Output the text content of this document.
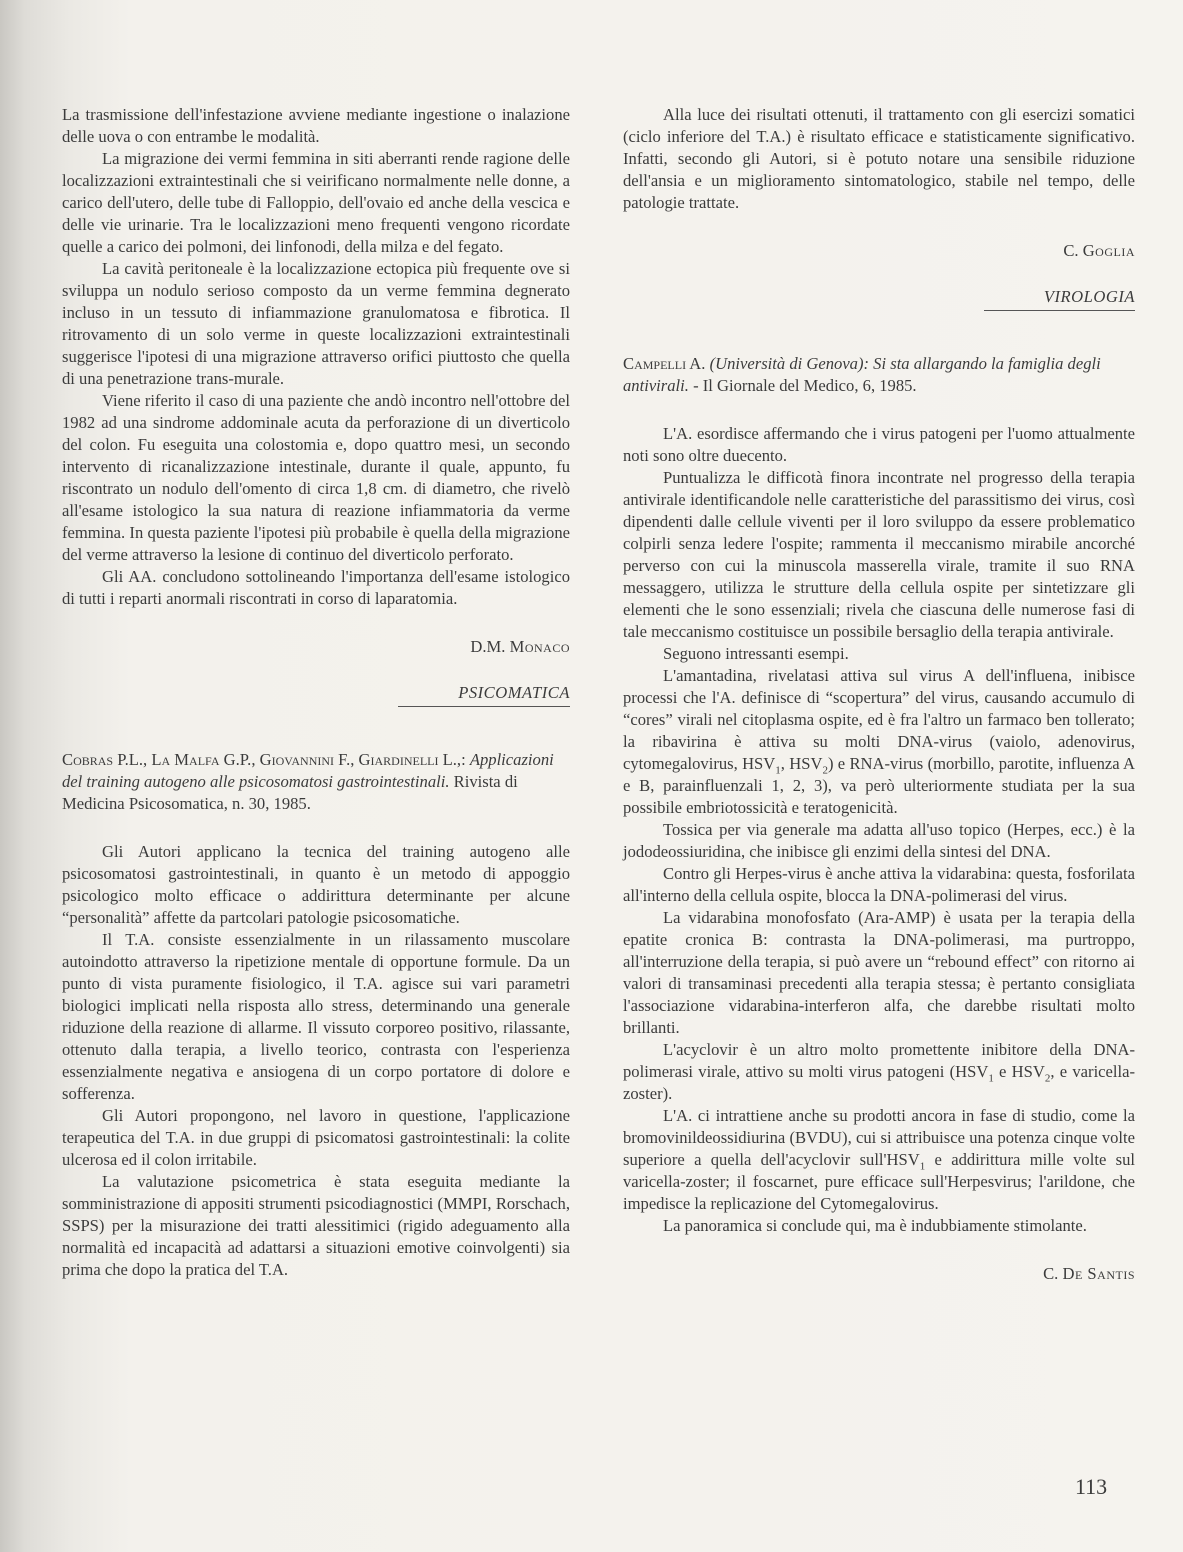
La trasmissione dell'infestazione avviene mediante ingestione o inalazione delle uova o con entrambe le modalità.

La migrazione dei vermi femmina in siti aberranti rende ragione delle localizzazioni extraintestinali che si veirificano normalmente nelle donne, a carico dell'utero, delle tube di Falloppio, dell'ovaio ed anche della vescica e delle vie urinarie. Tra le localizzazioni meno frequenti vengono ricordate quelle a carico dei polmoni, dei linfonodi, della milza e del fegato.

La cavità peritoneale è la localizzazione ectopica più frequente ove si sviluppa un nodulo serioso composto da un verme femmina degnerato incluso in un tessuto di infiammazione granulomatosa e fibrotica. Il ritrovamento di un solo verme in queste localizzazioni extraintestinali suggerisce l'ipotesi di una migrazione attraverso orifici piuttosto che quella di una penetrazione trans-murale.

Viene riferito il caso di una paziente che andò incontro nell'ottobre del 1982 ad una sindrome addominale acuta da perforazione di un diverticolo del colon. Fu eseguita una colostomia e, dopo quattro mesi, un secondo intervento di ricanalizzazione intestinale, durante il quale, appunto, fu riscontrato un nodulo dell'omento di circa 1,8 cm. di diametro, che rivelò all'esame istologico la sua natura di reazione infiammatoria da verme femmina. In questa paziente l'ipotesi più probabile è quella della migrazione del verme attraverso la lesione di continuo del diverticolo perforato.

Gli AA. concludono sottolineando l'importanza dell'esame istologico di tutti i reparti anormali riscontrati in corso di laparatomia.

D.M. Monaco

PSICOMATICA

Cobras P.L., La Malfa G.P., Giovannini F., Giardinelli L.,: Applicazioni del training autogeno alle psicosomatosi gastrointestinali. Rivista di Medicina Psicosomatica, n. 30, 1985.

Gli Autori applicano la tecnica del training autogeno alle psicosomatosi gastrointestinali, in quanto è un metodo di appoggio psicologico molto efficace o addirittura determinante per alcune “personalità” affette da partcolari patologie psicosomatiche.

Il T.A. consiste essenzialmente in un rilassamento muscolare autoindotto attraverso la ripetizione mentale di opportune formule. Da un punto di vista puramente fisiologico, il T.A. agisce sui vari parametri biologici implicati nella risposta allo stress, determinando una generale riduzione della reazione di allarme. Il vissuto corporeo positivo, rilassante, ottenuto dalla terapia, a livello teorico, contrasta con l'esperienza essenzialmente negativa e ansiogena di un corpo portatore di dolore e sofferenza.

Gli Autori propongono, nel lavoro in questione, l'applicazione terapeutica del T.A. in due gruppi di psicomatosi gastrointestinali: la colite ulcerosa ed il colon irritabile.

La valutazione psicometrica è stata eseguita mediante la somministrazione di appositi strumenti psicodiagnostici (MMPI, Rorschach, SSPS) per la misurazione dei tratti alessitimici (rigido adeguamento alla normalità ed incapacità ad adattarsi a situazioni emotive coinvolgenti) sia prima che dopo la pratica del T.A.

Alla luce dei risultati ottenuti, il trattamento con gli esercizi somatici (ciclo inferiore del T.A.) è risultato efficace e statisticamente significativo. Infatti, secondo gli Autori, si è potuto notare una sensibile riduzione dell'ansia e un miglioramento sintomatologico, stabile nel tempo, delle patologie trattate.

C. Goglia

VIROLOGIA

Campelli A. (Università di Genova): Si sta allargando la famiglia degli antivirali. - Il Giornale del Medico, 6, 1985.

L'A. esordisce affermando che i virus patogeni per l'uomo attualmente noti sono oltre duecento.

Puntualizza le difficotà finora incontrate nel progresso della terapia antivirale identificandole nelle caratteristiche del parassitismo dei virus, così dipendenti dalle cellule viventi per il loro sviluppo da essere problematico colpirli senza ledere l'ospite; rammenta il meccanismo mirabile ancorché perverso con cui la minuscola masserella virale, tramite il suo RNA messaggero, utilizza le strutture della cellula ospite per sintetizzare gli elementi che le sono essenziali; rivela che ciascuna delle numerose fasi di tale meccanismo costituisce un possibile bersaglio della terapia antivirale.

Seguono intressanti esempi.

L'amantadina, rivelatasi attiva sul virus A dell'influena, inibisce processi che l'A. definisce di “scopertura” del virus, causando accumulo di “cores” virali nel citoplasma ospite, ed è fra l'altro un farmaco ben tollerato; la ribavirina è attiva su molti DNA-virus (vaiolo, adenovirus, cytomegalovirus, $HSV_1$, $HSV_2$) e RNA-virus (morbillo, parotite, influenza A e B, parainfluenzali 1, 2, 3), va però ulteriormente studiata per la sua possibile embriotossicità e teratogenicità.

Tossica per via generale ma adatta all'uso topico (Herpes, ecc.) è la jododeossiuridina, che inibisce gli enzimi della sintesi del DNA.

Contro gli Herpes-virus è anche attiva la vidarabina: questa, fosforilata all'interno della cellula ospite, blocca la DNA-polimerasi del virus.

La vidarabina monofosfato (Ara-AMP) è usata per la terapia della epatite cronica B: contrasta la DNA-polimerasi, ma purtroppo, all'interruzione della terapia, si può avere un “rebound effect” con ritorno ai valori di transaminasi precedenti alla terapia stessa; è pertanto consigliata l'associazione vidarabina-interferon alfa, che darebbe risultati molto brillanti.

L'acyclovir è un altro molto promettente inibitore della DNA-polimerasi virale, attivo su molti virus patogeni ($HSV_1$ e $HSV_2$, e varicella-zoster).

L'A. ci intrattiene anche su prodotti ancora in fase di studio, come la bromovinildeossidiurina (BVDU), cui si attribuisce una potenza cinque volte superiore a quella dell'acyclovir $sull'HSV_1$ e addirittura mille volte sul varicella-zoster; il foscarnet, pure efficace sull'Herpesvirus; l'arildone, che impedisce la replicazione del Cytomegalovirus.

La panoramica si conclude qui, ma è indubbiamente stimolante.

C. De Santis

113
